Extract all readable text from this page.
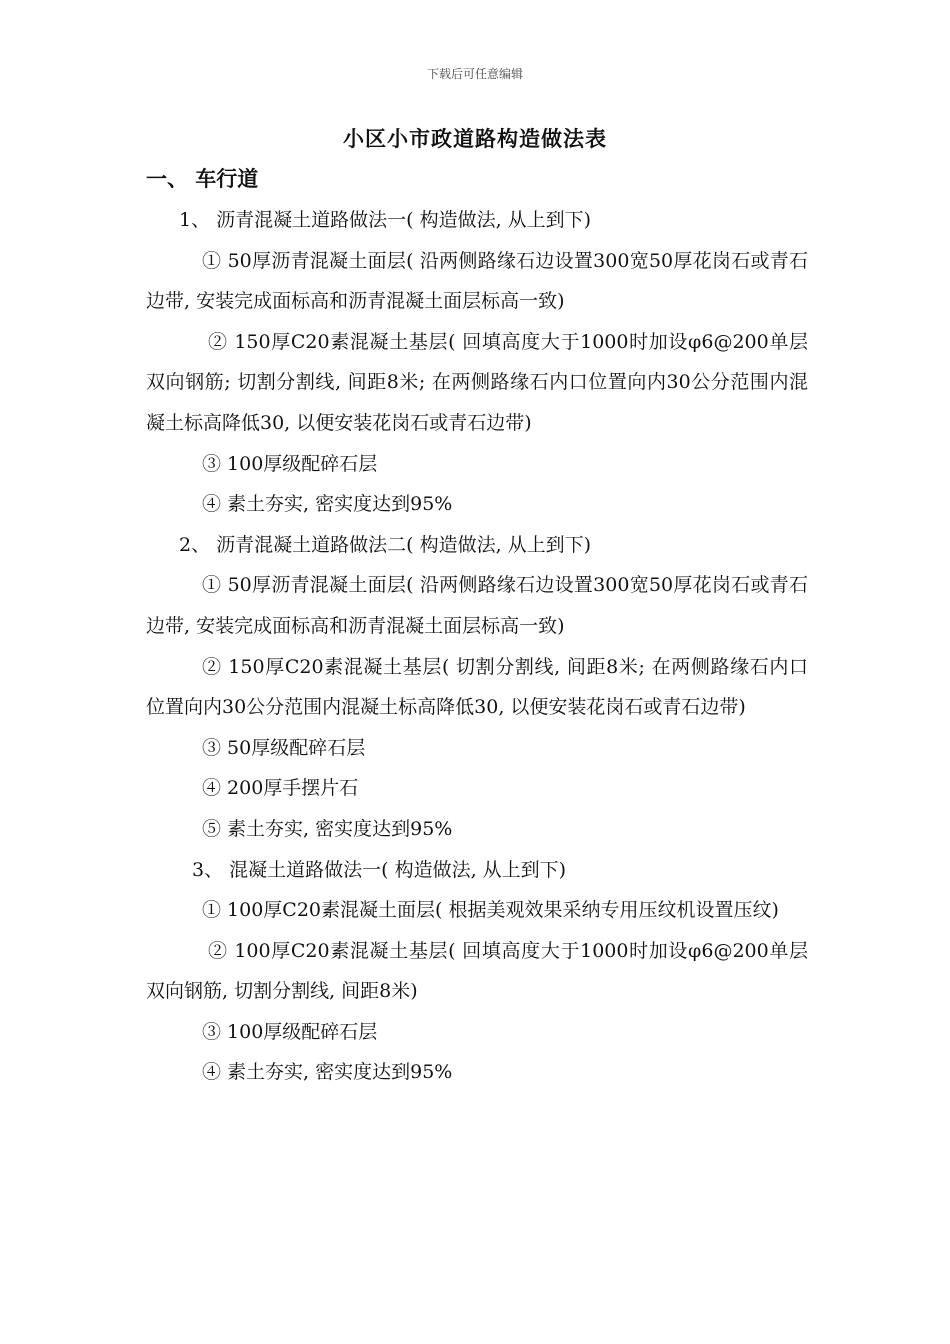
下载后可任意编辑
小区小市政道路构造做法表
一、 车行道

1、 沥青混凝土道路做法一( 构造做法, 从上到下)

① 50厚沥青混凝土面层( 沿两侧路缘石边设置300宽50厚花岗石或青石边带, 安装完成面标高和沥青混凝土面层标高一致)

② 150厚C20素混凝土基层( 回填高度大于1000时加设φ6@200单层双向钢筋; 切割分割线, 间距8米; 在两侧路缘石内口位置向内30公分范围内混凝土标高降低30, 以便安装花岗石或青石边带)

③ 100厚级配碎石层

④ 素土夯实, 密实度达到95%

2、 沥青混凝土道路做法二( 构造做法, 从上到下)

① 50厚沥青混凝土面层( 沿两侧路缘石边设置300宽50厚花岗石或青石边带, 安装完成面标高和沥青混凝土面层标高一致)

② 150厚C20素混凝土基层( 切割分割线, 间距8米; 在两侧路缘石内口位置向内30公分范围内混凝土标高降低30, 以便安装花岗石或青石边带)

③ 50厚级配碎石层

④ 200厚手摆片石

⑤ 素土夯实, 密实度达到95%

3、 混凝土道路做法一( 构造做法, 从上到下)

① 100厚C20素混凝土面层( 根据美观效果采纳专用压纹机设置压纹)

② 100厚C20素混凝土基层( 回填高度大于1000时加设φ6@200单层双向钢筋, 切割分割线, 间距8米)

③ 100厚级配碎石层

④ 素土夯实, 密实度达到95%
